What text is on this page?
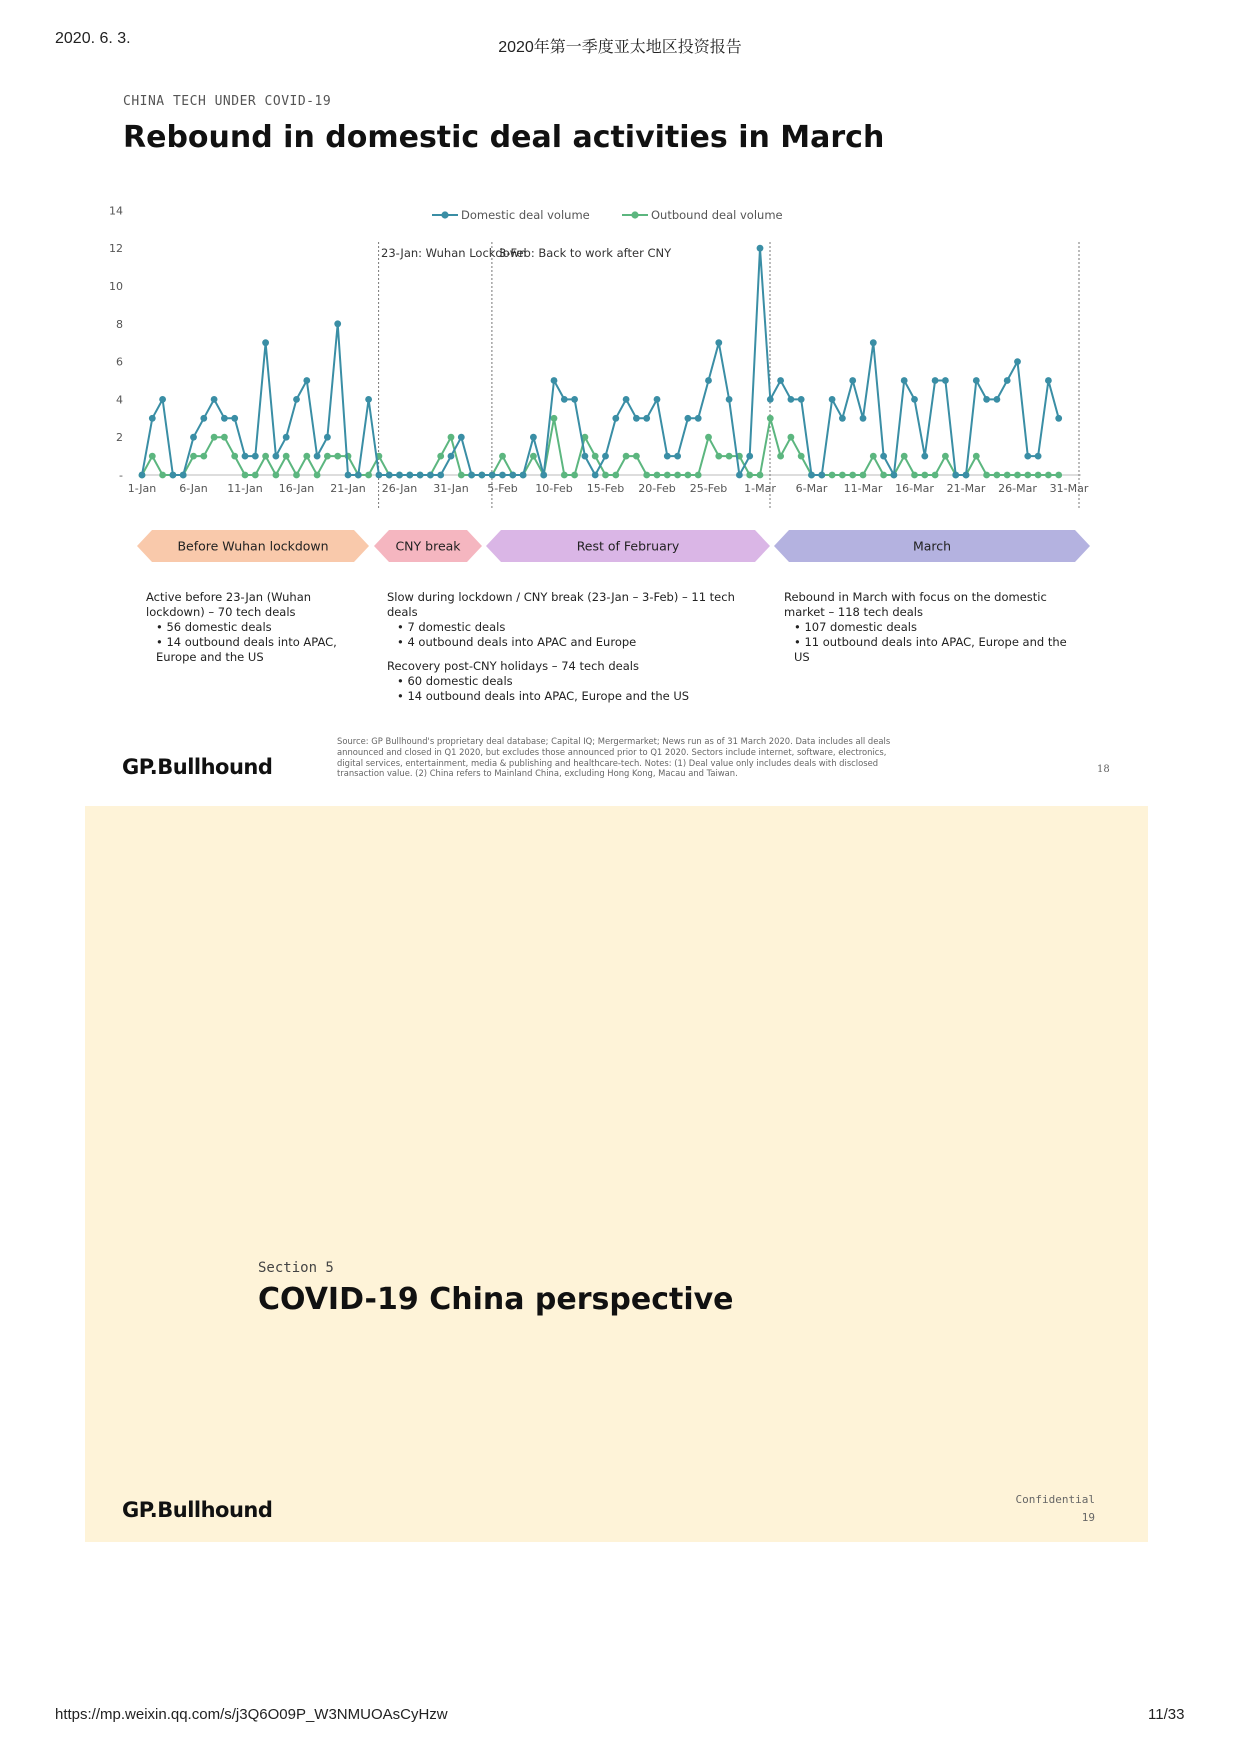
2020. 6. 3.
2020年第一季度亚太地区投资报告
CHINA TECH UNDER COVID-19
Rebound in domestic deal activities in March
-
2
4
6
8
10
12
14
1-Jan 6-Jan 11-Jan 16-Jan 21-Jan 26-Jan 31-Jan 5-Feb 10-Feb 15-Feb 20-Feb 25-Feb 1-Mar 6-Mar 11-Mar 16-Mar 21-Mar 26-Mar 31-Mar
Domestic deal volume	Outbound deal volume
23-Jan: Wuhan Lockdown
3-Feb: Back to work after CNY
Before Wuhan lockdown	CNY break	Rest of February	March
Active before 23-Jan (Wuhan lockdown) – 70 tech deals
• 56 domestic deals
• 14 outbound deals into APAC, Europe and the US
Slow during lockdown / CNY break (23-Jan – 3-Feb) – 11 tech deals
• 7 domestic deals
• 4 outbound deals into APAC and Europe
Recovery post-CNY holidays – 74 tech deals
• 60 domestic deals
• 14 outbound deals into APAC, Europe and the US
Rebound in March with focus on the domestic market – 118 tech deals
• 107 domestic deals
• 11 outbound deals into APAC, Europe and the US
GP.Bullhound
Source: GP Bullhound's proprietary deal database; Capital IQ; Mergermarket; News run as of 31 March 2020. Data includes all deals announced and closed in Q1 2020, but excludes those announced prior to Q1 2020. Sectors include internet, software, electronics, digital services, entertainment, media & publishing and healthcare-tech. Notes: (1) Deal value only includes deals with disclosed transaction value. (2) China refers to Mainland China, excluding Hong Kong, Macau and Taiwan.	18
Section 5
COVID-19 China perspective
GP.Bullhound	Confidential
19
https://mp.weixin.qq.com/s/j3Q6O09P_W3NMUOAsCyHzw	11/33
